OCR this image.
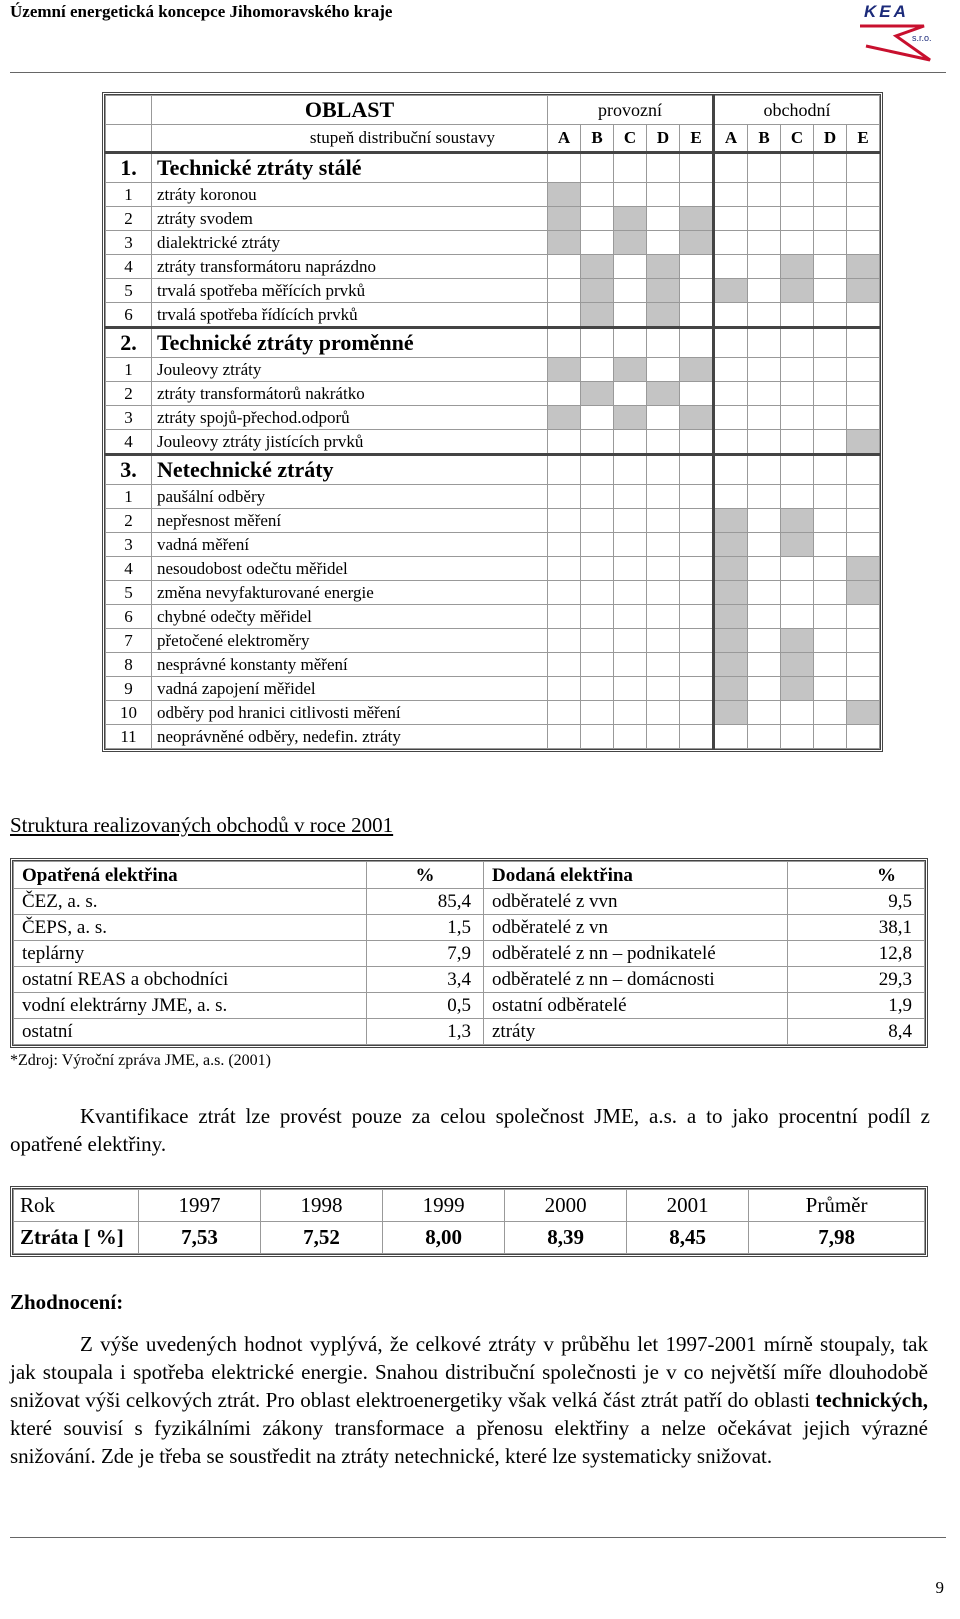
Územní energetická koncepce Jihomoravského kraje	KEA
s.r.o.
	OBLAST	provozní					obchodní				
	stupeň distribuční soustavy	A	B	C	D	E	A	B	C	D	E
1.	Technické ztráty stálé										
1	ztráty koronou										
2	ztráty svodem										
3	dialektrické ztráty										
4	ztráty transformátoru naprázdno										
5	trvalá spotřeba měřících prvků										
6	trvalá spotřeba řídících prvků										
2.	Technické ztráty proměnné										
1	Jouleovy ztráty										
2	ztráty transformátorů nakrátko										
3	ztráty spojů-přechod.odporů										
4	Jouleovy ztráty jistících prvků										
3.	Netechnické ztráty										
1	paušální odběry										
2	nepřesnost měření										
3	vadná měření										
4	nesoudobost odečtu měřidel										
5	změna nevyfakturované energie										
6	chybné odečty měřidel										
7	přetočené elektroměry										
8	nesprávné konstanty měření										
9	vadná zapojení měřidel										
10	odběry pod hranici citlivosti měření										
11	neoprávněné odběry, nedefin. ztráty										
Struktura realizovaných obchodů v roce 2001
Opatřená elektřina	%	Dodaná elektřina	%
ČEZ, a. s.	85,4	odběratelé z vvn	9,5
ČEPS, a. s.	1,5	odběratelé z vn	38,1
teplárny	7,9	odběratelé z nn – podnikatelé	12,8
ostatní REAS a obchodníci	3,4	odběratelé z nn – domácnosti	29,3
vodní elektrárny JME, a. s.	0,5	ostatní odběratelé	1,9
ostatní	1,3	ztráty	8,4
*Zdroj: Výroční zpráva JME, a.s. (2001)
Kvantifikace ztrát lze provést pouze za celou společnost JME, a.s. a to jako procentní podíl z opatřené elektřiny.
Rok	1997	1998	1999	2000	2001	Průměr
Ztráta [ %]	7,53	7,52	8,00	8,39	8,45	7,98
Zhodnocení:
Z výše uvedených hodnot vyplývá, že celkové ztráty v průběhu let 1997-2001 mírně stoupaly, tak jak stoupala i spotřeba elektrické energie. Snahou distribuční společnosti je v co největší míře dlouhodobě snižovat výši celkových ztrát. Pro oblast elektroenergetiky však velká část ztrát patří do oblasti technických, které souvisí s fyzikálními zákony transformace a přenosu elektřiny a nelze očekávat jejich výrazné snižování. Zde je třeba se soustředit na ztráty netechnické, které lze systematicky snižovat.
9
